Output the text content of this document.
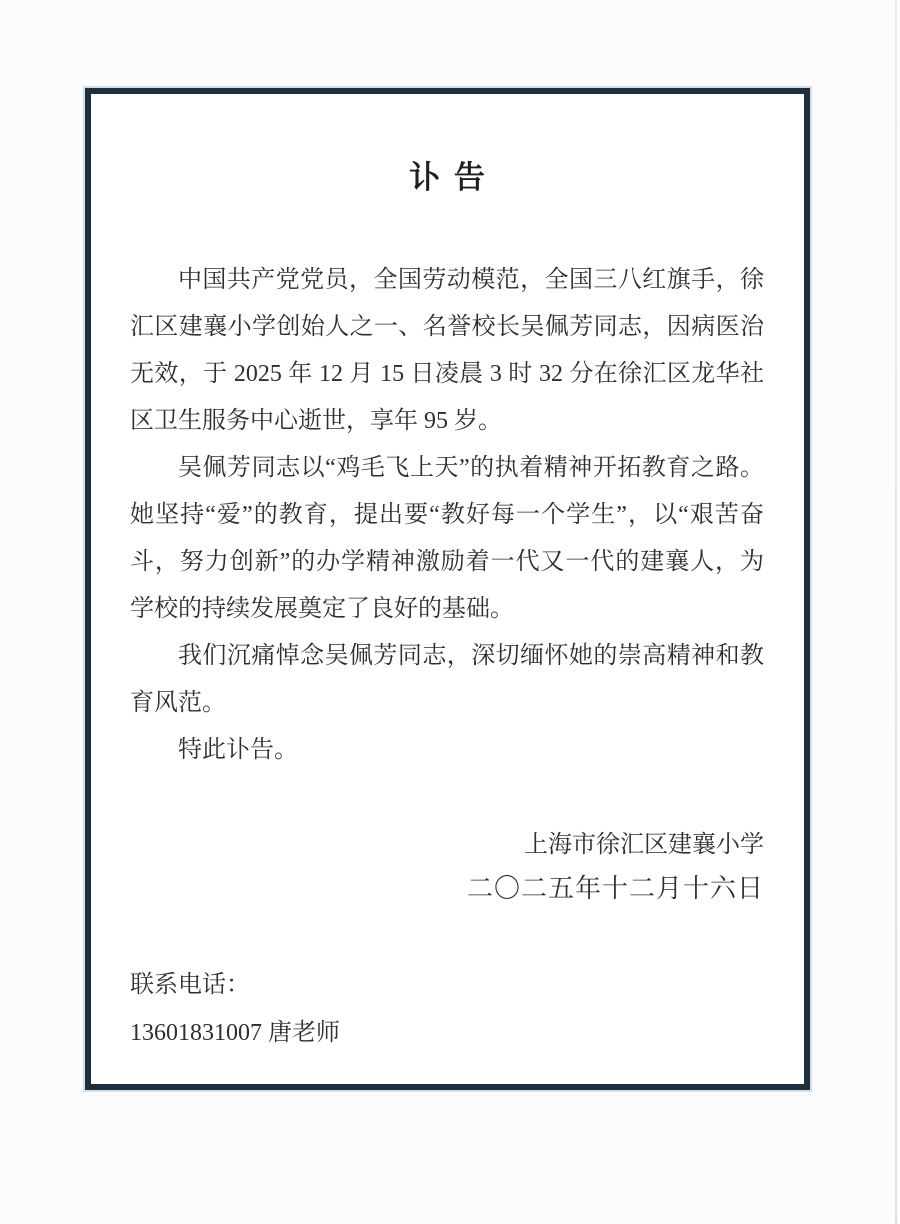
讣 告

中国共产党党员，全国劳动模范，全国三八红旗手，徐汇区建襄小学创始人之一、名誉校长吴佩芳同志，因病医治无效，于 2025 年 12 月 15 日凌晨 3 时 32 分在徐汇区龙华社区卫生服务中心逝世，享年 95 岁。

吴佩芳同志以“鸡毛飞上天”的执着精神开拓教育之路。她坚持“爱”的教育，提出要“教好每一个学生”，以“艰苦奋斗，努力创新”的办学精神激励着一代又一代的建襄人，为学校的持续发展奠定了良好的基础。

我们沉痛悼念吴佩芳同志，深切缅怀她的崇高精神和教育风范。

特此讣告。

上海市徐汇区建襄小学
二〇二五年十二月十六日
联系电话：
13601831007 唐老师
